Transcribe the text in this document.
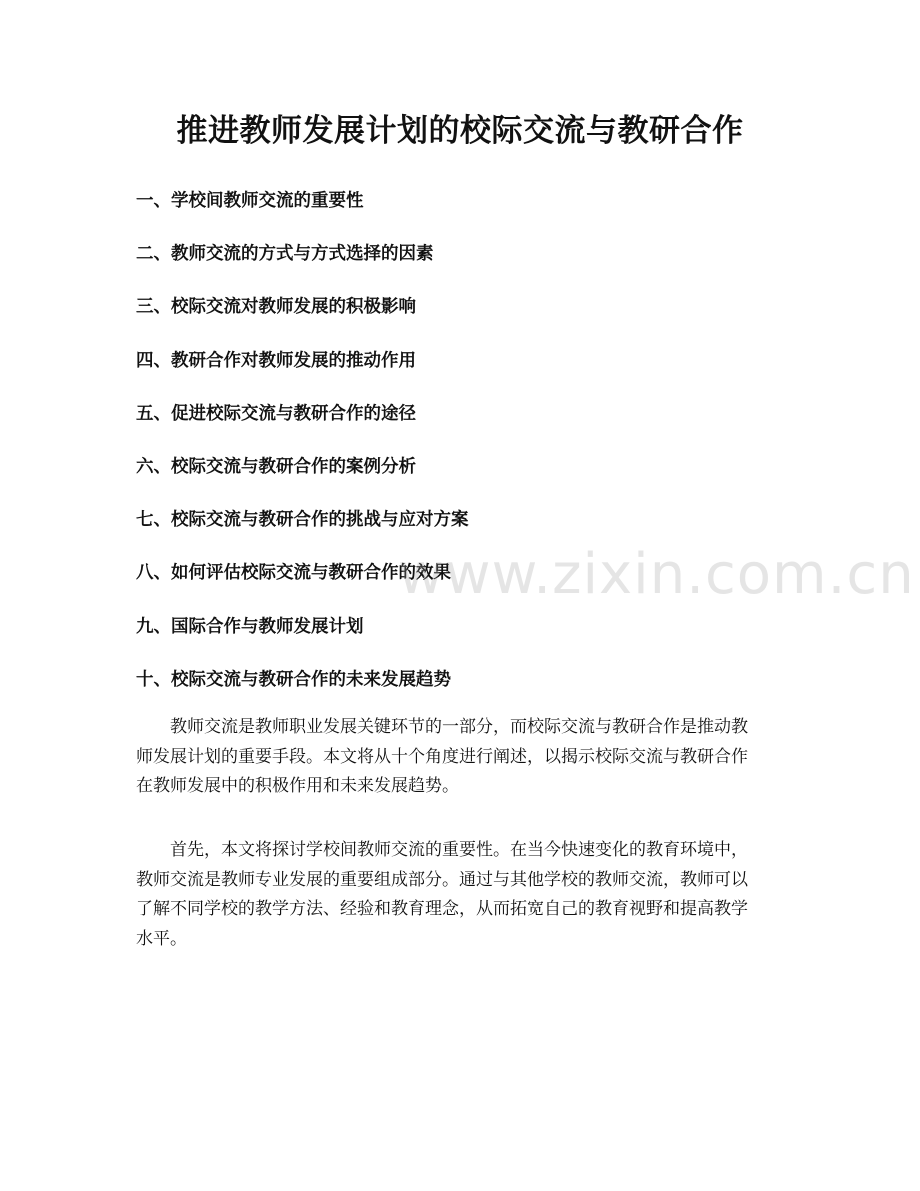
推进教师发展计划的校际交流与教研合作
一、学校间教师交流的重要性
二、教师交流的方式与方式选择的因素
三、校际交流对教师发展的积极影响
四、教研合作对教师发展的推动作用
五、促进校际交流与教研合作的途径
六、校际交流与教研合作的案例分析
七、校际交流与教研合作的挑战与应对方案
八、如何评估校际交流与教研合作的效果
九、国际合作与教师发展计划
十、校际交流与教研合作的未来发展趋势
教师交流是教师职业发展关键环节的一部分，而校际交流与教研合作是推动教
师发展计划的重要手段。本文将从十个角度进行阐述，以揭示校际交流与教研合作
在教师发展中的积极作用和未来发展趋势。
首先，本文将探讨学校间教师交流的重要性。在当今快速变化的教育环境中，
教师交流是教师专业发展的重要组成部分。通过与其他学校的教师交流，教师可以
了解不同学校的教学方法、经验和教育理念，从而拓宽自己的教育视野和提高教学
水平。
www.zixin.com.cn
